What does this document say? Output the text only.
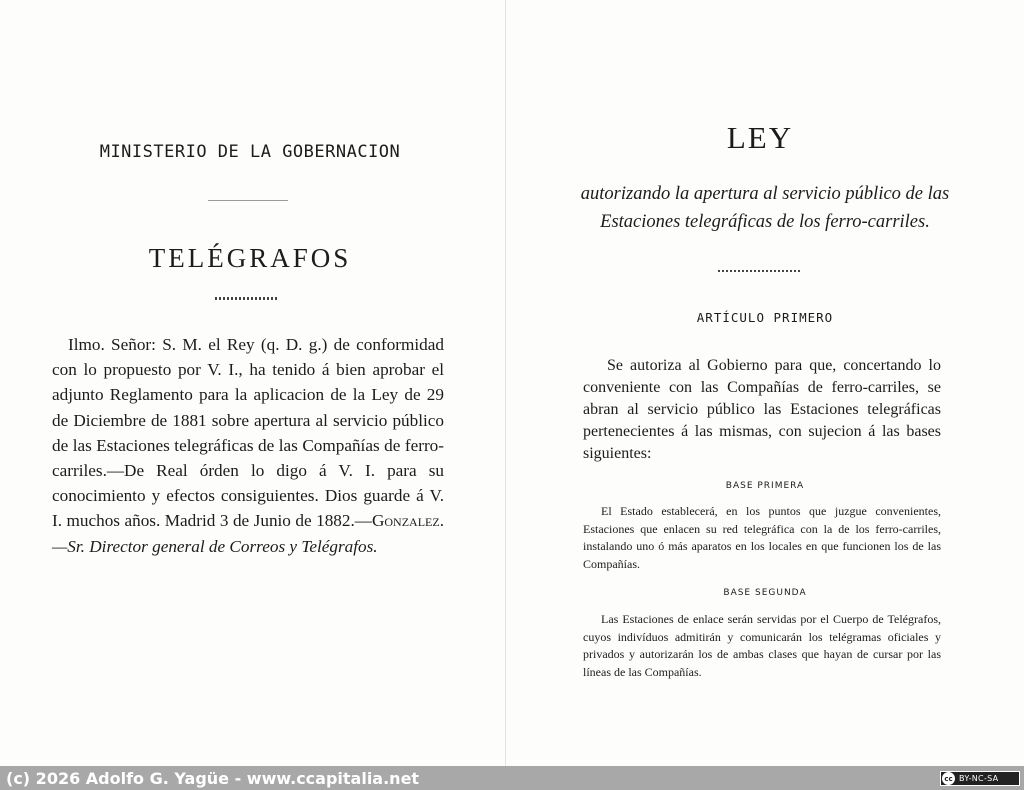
MINISTERIO DE LA GOBERNACION
TELÉGRAFOS

Ilmo. Señor: S. M. el Rey (q. D. g.) de conformidad con lo propuesto por V. I., ha tenido á bien aprobar el adjunto Reglamento para la aplicacion de la Ley de 29 de Diciembre de 1881 sobre apertura al servicio público de las Estaciones telegráficas de las Compañías de ferro-carriles.—De Real órden lo digo á V. I. para su conocimiento y efectos consiguientes. Dios guarde á V. I. muchos años. Madrid 3 de Junio de 1882.—Gonzalez.—Sr. Director general de Correos y Telégrafos.

LEY
autorizando la apertura al servicio público de las Estaciones telegráficas de los ferro-carriles.
ARTÍCULO PRIMERO

Se autoriza al Gobierno para que, concertando lo conveniente con las Compañías de ferro-carriles, se abran al servicio público las Estaciones telegráficas pertenecientes á las mismas, con sujecion á las bases siguientes:

BASE PRIMERA

El Estado establecerá, en los puntos que juzgue convenientes, Estaciones que enlacen su red telegráfica con la de los ferro-carriles, instalando uno ó más aparatos en los locales en que funcionen los de las Compañías.

BASE SEGUNDA

Las Estaciones de enlace serán servidas por el Cuerpo de Telégrafos, cuyos indivíduos admitirán y comunicarán los telégramas oficiales y privados y autorizarán los de ambas clases que hayan de cursar por las líneas de las Compañías.

(c) 2026 Adolfo G. Yagüe - www.ccapitalia.net	cc BY-NC-SA
